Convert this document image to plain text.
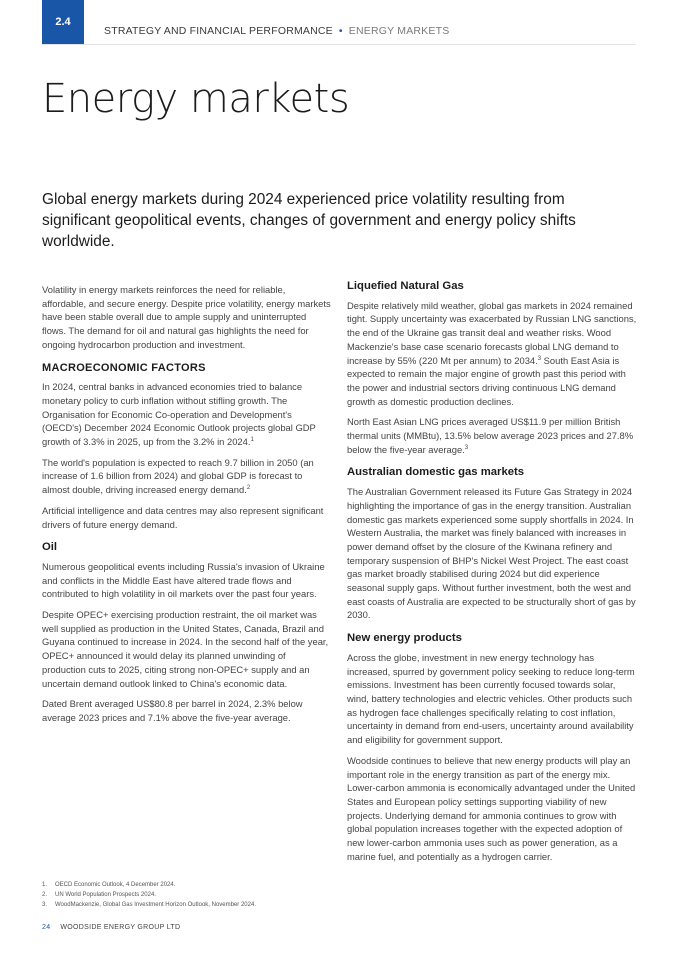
2.4
STRATEGY AND FINANCIAL PERFORMANCE • ENERGY MARKETS
Energy markets

Global energy markets during 2024 experienced price volatility resulting from significant geopolitical events, changes of government and energy policy shifts worldwide.

Volatility in energy markets reinforces the need for reliable, affordable, and secure energy. Despite price volatility, energy markets have been stable overall due to ample supply and uninterrupted flows. The demand for oil and natural gas highlights the need for ongoing hydrocarbon production and investment.

MACROECONOMIC FACTORS

In 2024, central banks in advanced economies tried to balance monetary policy to curb inflation without stifling growth. The Organisation for Economic Co-operation and Development's (OECD's) December 2024 Economic Outlook projects global GDP growth of 3.3% in 2025, up from the 3.2% in 2024.$^1$

The world's population is expected to reach 9.7 billion in 2050 (an increase of 1.6 billion from 2024) and global GDP is forecast to almost double, driving increased energy demand.$^2$

Artificial intelligence and data centres may also represent significant drivers of future energy demand.

Oil

Numerous geopolitical events including Russia's invasion of Ukraine and conflicts in the Middle East have altered trade flows and contributed to high volatility in oil markets over the past four years.

Despite OPEC+ exercising production restraint, the oil market was well supplied as production in the United States, Canada, Brazil and Guyana continued to increase in 2024. In the second half of the year, OPEC+ announced it would delay its planned unwinding of production cuts to 2025, citing strong non-OPEC+ supply and an uncertain demand outlook linked to China's economic data.

Dated Brent averaged US$80.8 per barrel in 2024, 2.3% below average 2023 prices and 7.1% above the five-year average.

Liquefied Natural Gas

Despite relatively mild weather, global gas markets in 2024 remained tight. Supply uncertainty was exacerbated by Russian LNG sanctions, the end of the Ukraine gas transit deal and weather risks. Wood Mackenzie's base case scenario forecasts global LNG demand to increase by 55% (220 Mt per annum) to 2034.$^3$ South East Asia is expected to remain the major engine of growth past this period with the power and industrial sectors driving continuous LNG demand growth as domestic production declines.

North East Asian LNG prices averaged US$11.9 per million British thermal units (MMBtu), 13.5% below average 2023 prices and 27.8% below the five-year average.$^3$

Australian domestic gas markets

The Australian Government released its Future Gas Strategy in 2024 highlighting the importance of gas in the energy transition. Australian domestic gas markets experienced some supply shortfalls in 2024. In Western Australia, the market was finely balanced with increases in power demand offset by the closure of the Kwinana refinery and temporary suspension of BHP's Nickel West Project. The east coast gas market broadly stabilised during 2024 but did experience seasonal supply gaps. Without further investment, both the west and east coasts of Australia are expected to be structurally short of gas by 2030.

New energy products

Across the globe, investment in new energy technology has increased, spurred by government policy seeking to reduce long-term emissions. Investment has been currently focused towards solar, wind, battery technologies and electric vehicles. Other products such as hydrogen face challenges specifically relating to cost inflation, uncertainty in demand from end-users, uncertainty around availability and eligibility for government support.

Woodside continues to believe that new energy products will play an important role in the energy transition as part of the energy mix. Lower-carbon ammonia is economically advantaged under the United States and European policy settings supporting viability of new projects. Underlying demand for ammonia continues to grow with global population increases together with the expected adoption of new lower-carbon ammonia uses such as power generation, as a marine fuel, and potentially as a hydrogen carrier.

1. OECD Economic Outlook, 4 December 2024.
2. UN World Population Prospects 2024.
3. WoodMackenzie, Global Gas Investment Horizon Outlook, November 2024.
24 WOODSIDE ENERGY GROUP LTD
